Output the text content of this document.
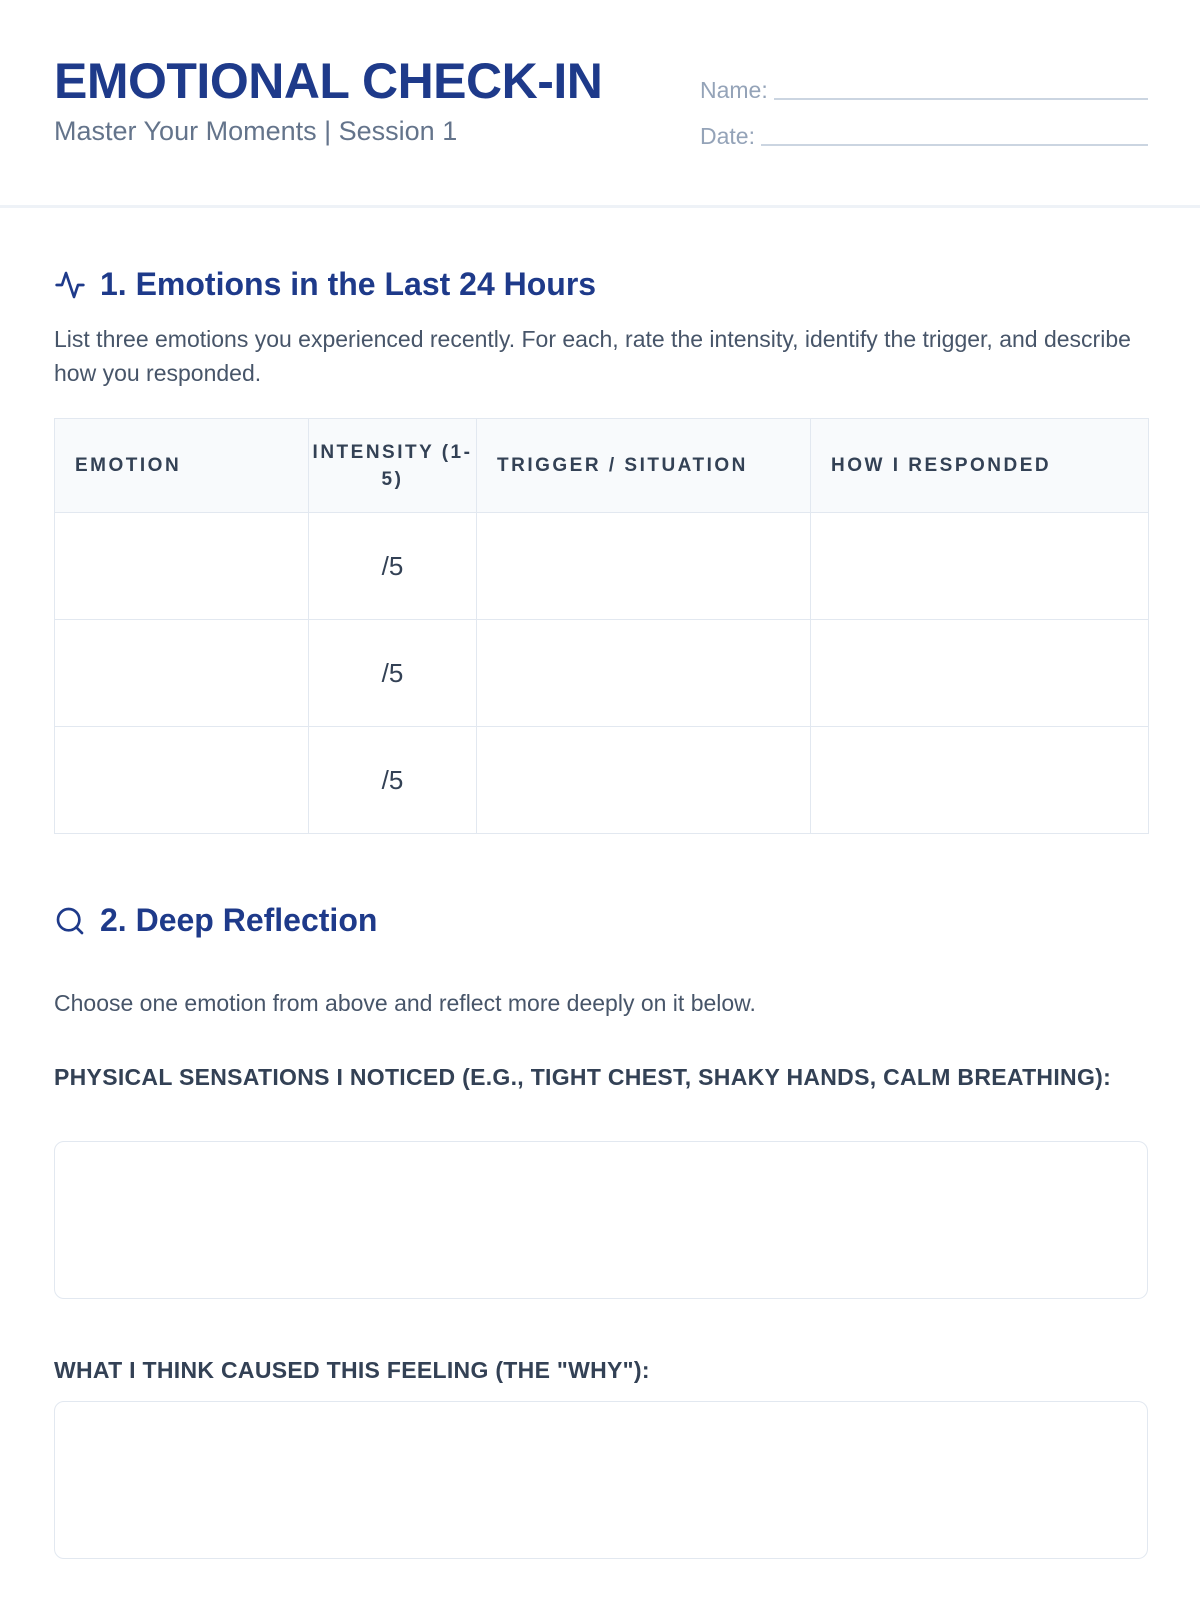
EMOTIONAL CHECK-IN
Master Your Moments | Session 1
Name:
Date:
1. Emotions in the Last 24 Hours
List three emotions you experienced recently. For each, rate the intensity, identify the trigger, and describe how you responded.
EMOTION	INTENSITY (1-5)	TRIGGER / SITUATION	HOW I RESPONDED
	/5		
	/5		
	/5		
2. Deep Reflection
Choose one emotion from above and reflect more deeply on it below.
PHYSICAL SENSATIONS I NOTICED (E.G., TIGHT CHEST, SHAKY HANDS, CALM BREATHING):
WHAT I THINK CAUSED THIS FEELING (THE "WHY"):
